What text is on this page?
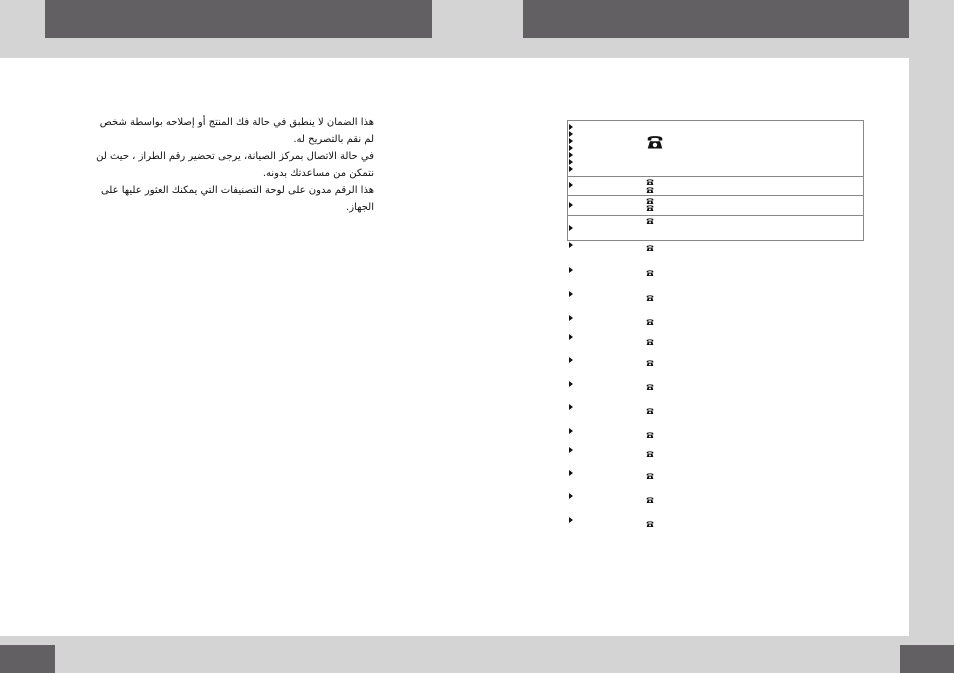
هذا الضمان لا ينطبق في حالة فك المنتج أو إصلاحه بواسطة شخص لم نقم بالتصريح له.

في حالة الاتصال بمركز الصيانة، يرجى تحضير رقم الطراز ، حيث لن نتمكن من مساعدتك بدونه.

هذا الرقم مدون على لوحة التصنيفات التي يمكنك العثور عليها على الجهاز.
